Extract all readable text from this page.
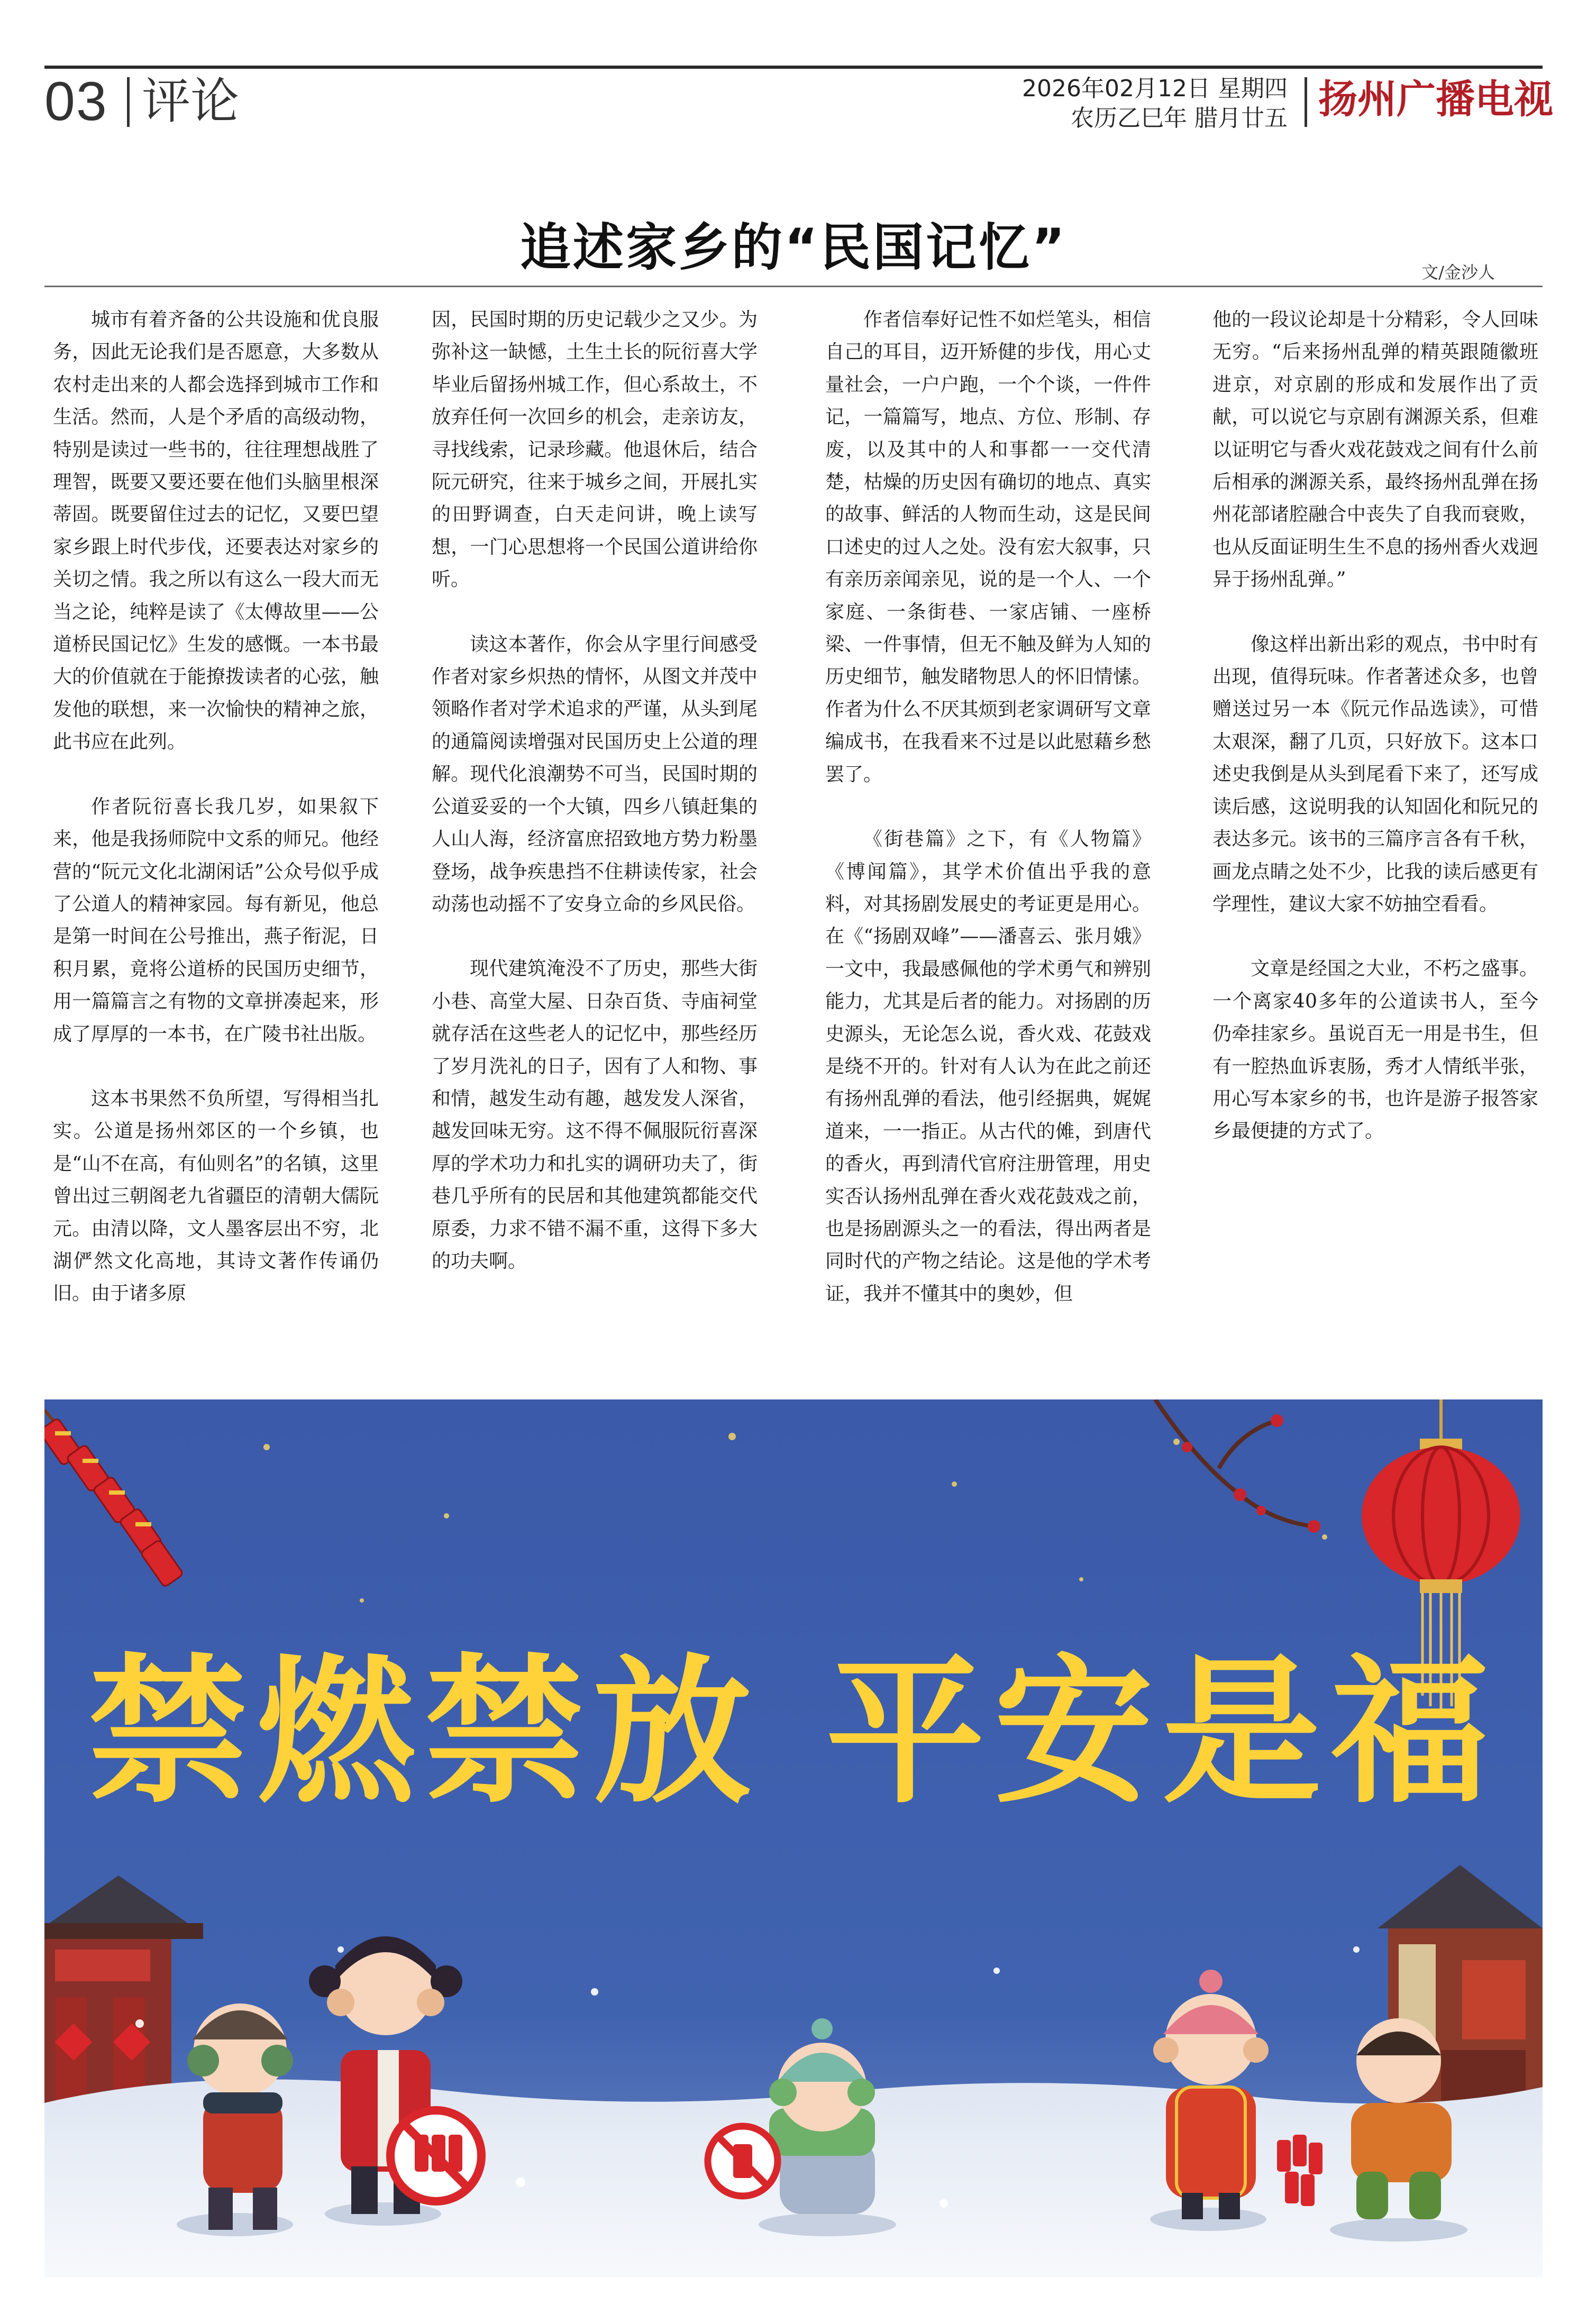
03 评论	2026年02月12日 星期四
农历乙巳年 腊月廿五 扬州广播电视
追述家乡的“民国记忆”	文/金沙人

城市有着齐备的公共设施和优良服务，因此无论我们是否愿意，大多数从农村走出来的人都会选择到城市工作和生活。然而，人是个矛盾的高级动物，特别是读过一些书的，往往理想战胜了理智，既要又要还要在他们头脑里根深蒂固。既要留住过去的记忆，又要巴望家乡跟上时代步伐，还要表达对家乡的关切之情。我之所以有这么一段大而无当之论，纯粹是读了《太傅故里——公道桥民国记忆》生发的感慨。一本书最大的价值就在于能撩拨读者的心弦，触发他的联想，来一次愉快的精神之旅，此书应在此列。

作者阮衍喜长我几岁，如果叙下来，他是我扬师院中文系的师兄。他经营的“阮元文化北湖闲话”公众号似乎成了公道人的精神家园。每有新见，他总是第一时间在公号推出，燕子衔泥，日积月累，竟将公道桥的民国历史细节，用一篇篇言之有物的文章拼凑起来，形成了厚厚的一本书，在广陵书社出版。

这本书果然不负所望，写得相当扎实。公道是扬州郊区的一个乡镇，也是“山不在高，有仙则名”的名镇，这里曾出过三朝阁老九省疆臣的清朝大儒阮元。由清以降，文人墨客层出不穷，北湖俨然文化高地，其诗文著作传诵仍旧。由于诸多原

因，民国时期的历史记载少之又少。为弥补这一缺憾，土生土长的阮衍喜大学毕业后留扬州城工作，但心系故土，不放弃任何一次回乡的机会，走亲访友，寻找线索，记录珍藏。他退休后，结合阮元研究，往来于城乡之间，开展扎实的田野调查，白天走问讲，晚上读写想，一门心思想将一个民国公道讲给你听。

读这本著作，你会从字里行间感受作者对家乡炽热的情怀，从图文并茂中领略作者对学术追求的严谨，从头到尾的通篇阅读增强对民国历史上公道的理解。现代化浪潮势不可当，民国时期的公道妥妥的一个大镇，四乡八镇赶集的人山人海，经济富庶招致地方势力粉墨登场，战争疾患挡不住耕读传家，社会动荡也动摇不了安身立命的乡风民俗。

现代建筑淹没不了历史，那些大街小巷、高堂大屋、日杂百货、寺庙祠堂就存活在这些老人的记忆中，那些经历了岁月洗礼的日子，因有了人和物、事和情，越发生动有趣，越发发人深省，越发回味无穷。这不得不佩服阮衍喜深厚的学术功力和扎实的调研功夫了，街巷几乎所有的民居和其他建筑都能交代原委，力求不错不漏不重，这得下多大的功夫啊。

作者信奉好记性不如烂笔头，相信自己的耳目，迈开矫健的步伐，用心丈量社会，一户户跑，一个个谈，一件件记，一篇篇写，地点、方位、形制、存废，以及其中的人和事都一一交代清楚，枯燥的历史因有确切的地点、真实的故事、鲜活的人物而生动，这是民间口述史的过人之处。没有宏大叙事，只有亲历亲闻亲见，说的是一个人、一个家庭、一条街巷、一家店铺、一座桥梁、一件事情，但无不触及鲜为人知的历史细节，触发睹物思人的怀旧情愫。作者为什么不厌其烦到老家调研写文章编成书，在我看来不过是以此慰藉乡愁罢了。

《街巷篇》之下，有《人物篇》《博闻篇》，其学术价值出乎我的意料，对其扬剧发展史的考证更是用心。在《“扬剧双峰”——潘喜云、张月娥》一文中，我最感佩他的学术勇气和辨别能力，尤其是后者的能力。对扬剧的历史源头，无论怎么说，香火戏、花鼓戏是绕不开的。针对有人认为在此之前还有扬州乱弹的看法，他引经据典，娓娓道来，一一指正。从古代的傩，到唐代的香火，再到清代官府注册管理，用史实否认扬州乱弹在香火戏花鼓戏之前，也是扬剧源头之一的看法，得出两者是同时代的产物之结论。这是他的学术考证，我并不懂其中的奥妙，但

他的一段议论却是十分精彩，令人回味无穷。“后来扬州乱弹的精英跟随徽班进京，对京剧的形成和发展作出了贡献，可以说它与京剧有渊源关系，但难以证明它与香火戏花鼓戏之间有什么前后相承的渊源关系，最终扬州乱弹在扬州花部诸腔融合中丧失了自我而衰败，也从反面证明生生不息的扬州香火戏迥异于扬州乱弹。”

像这样出新出彩的观点，书中时有出现，值得玩味。作者著述众多，也曾赠送过另一本《阮元作品选读》，可惜太艰深，翻了几页，只好放下。这本口述史我倒是从头到尾看下来了，还写成读后感，这说明我的认知固化和阮兄的表达多元。该书的三篇序言各有千秋，画龙点睛之处不少，比我的读后感更有学理性，建议大家不妨抽空看看。

文章是经国之大业，不朽之盛事。一个离家40多年的公道读书人，至今仍牵挂家乡。虽说百无一用是书生，但有一腔热血诉衷肠，秀才人情纸半张，用心写本家乡的书，也许是游子报答家乡最便捷的方式了。

禁燃禁放 平安是福
